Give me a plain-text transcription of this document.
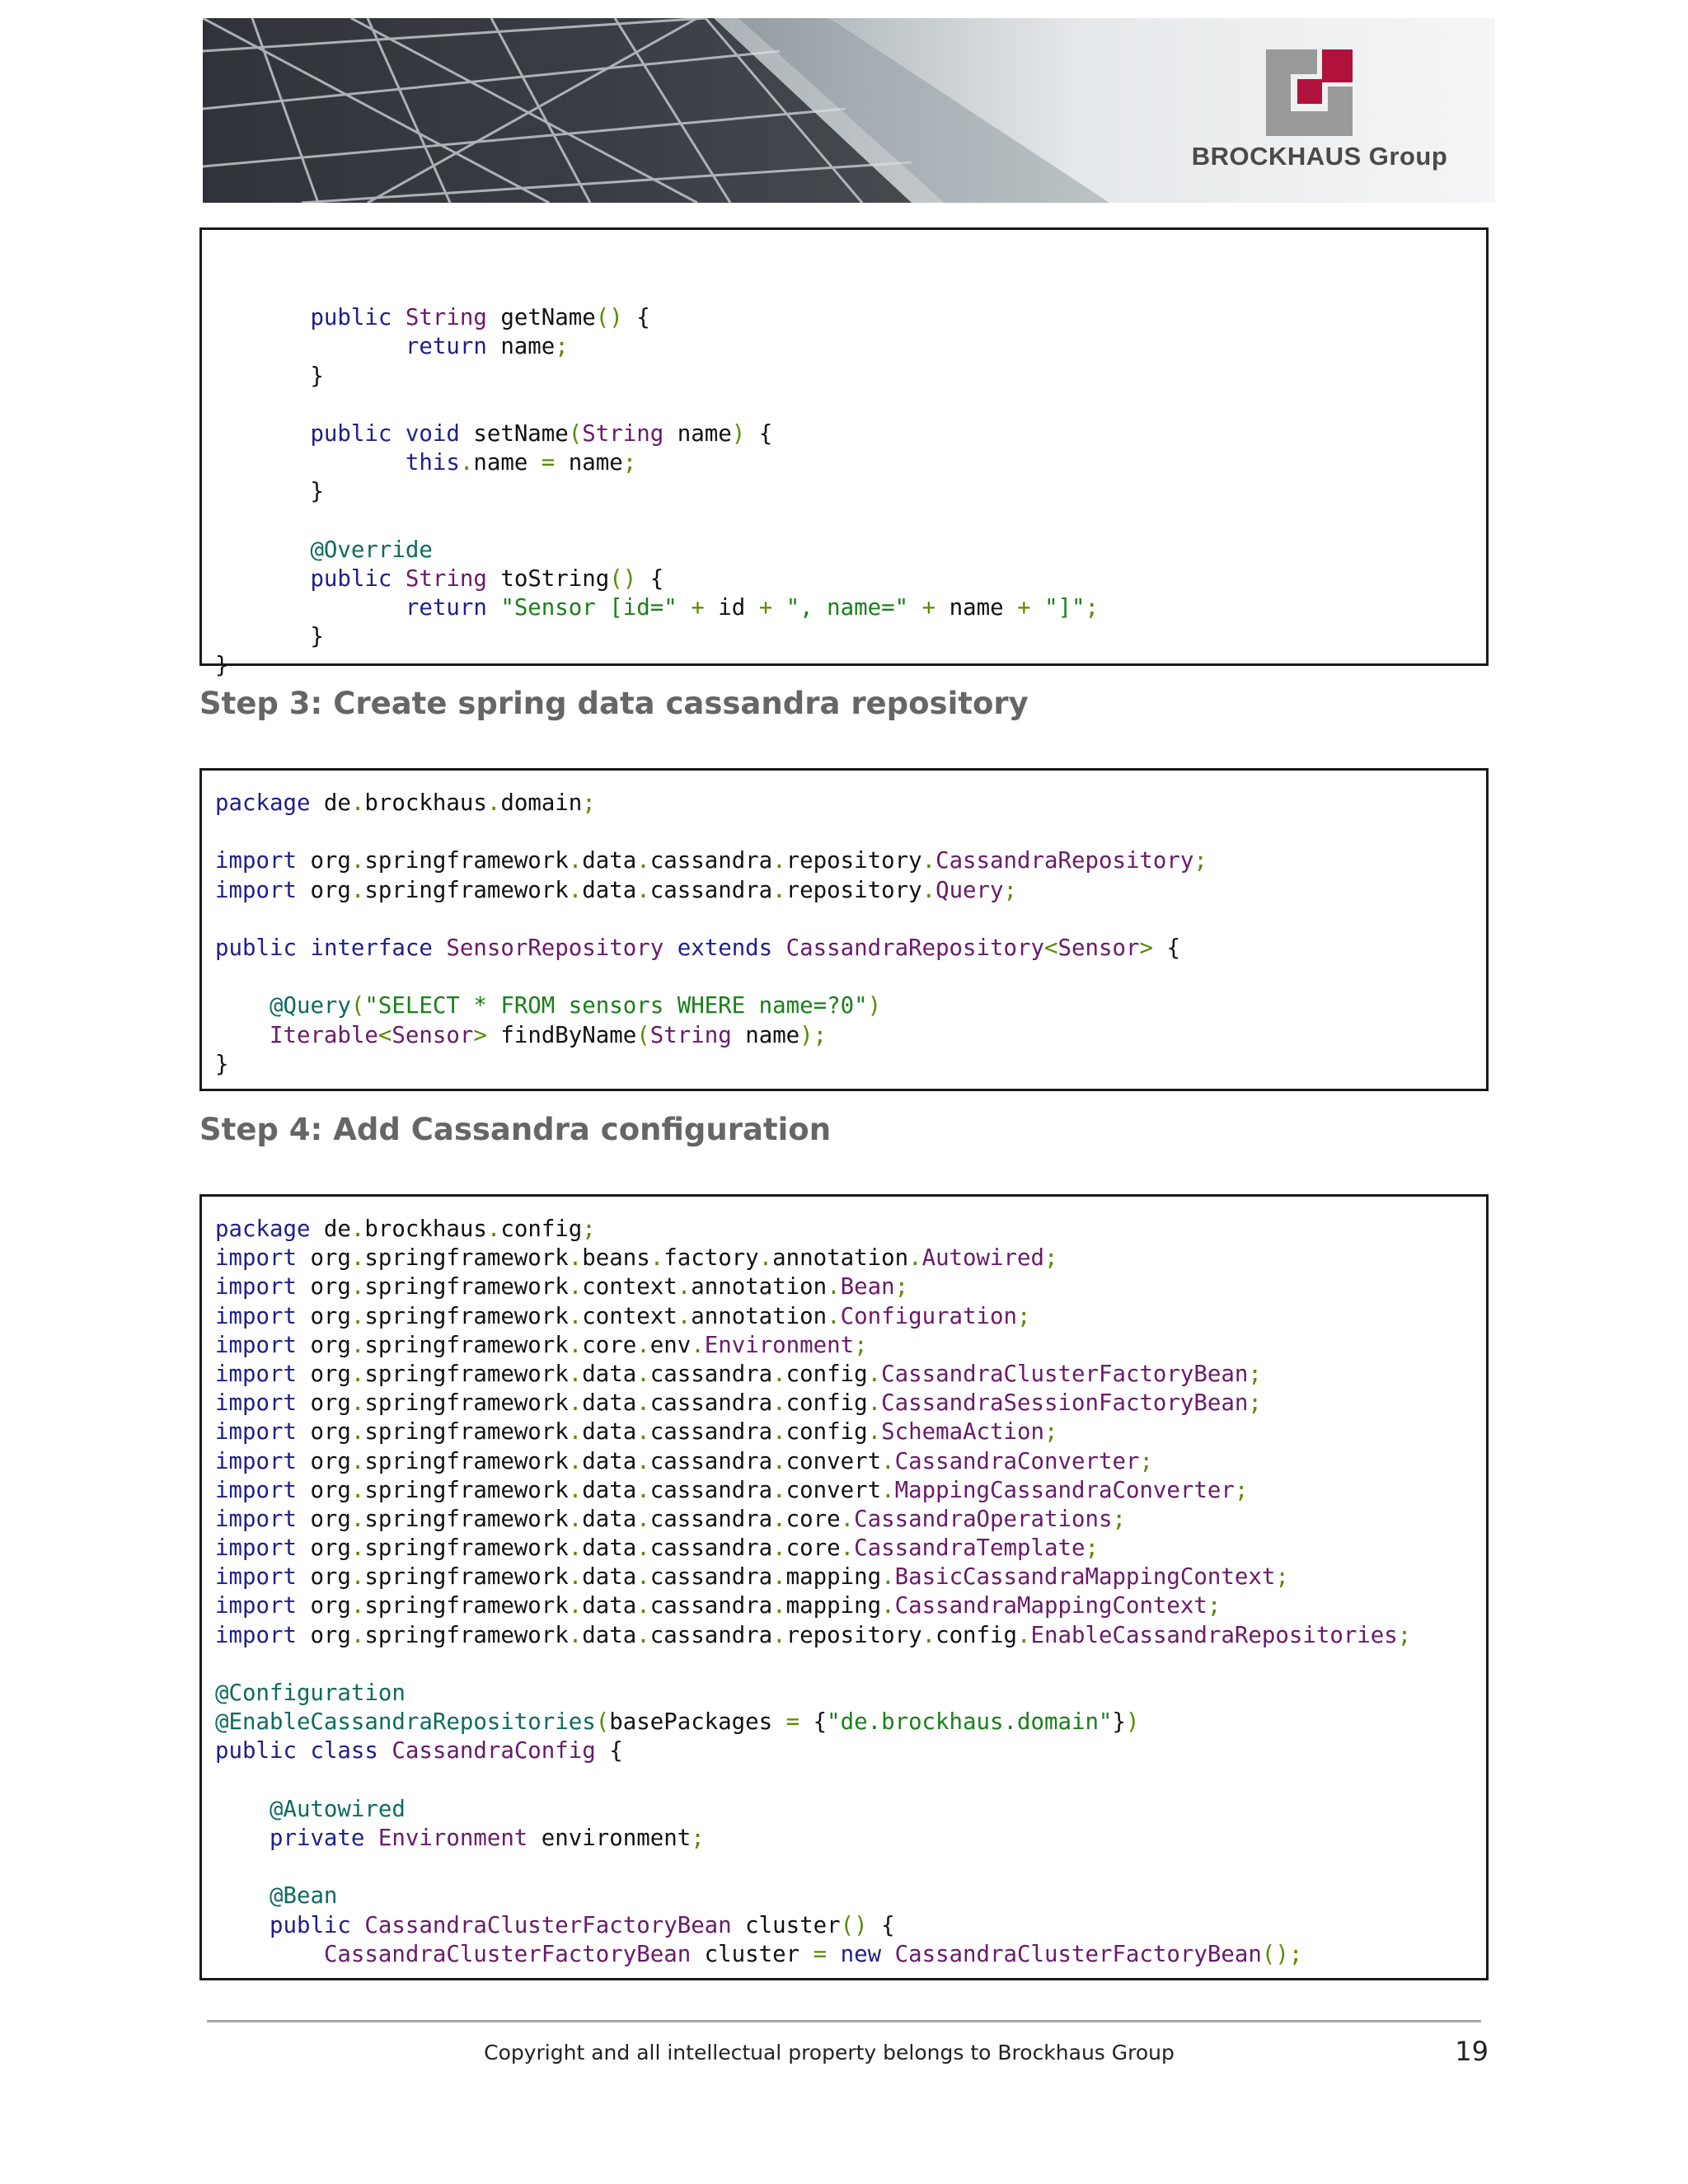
BROCKHAUS Group
public String getName() {
return name;
}
public void setName(String name) {
this.name = name;
}
@Override
public String toString() {
return "Sensor [id=" + id + ", name=" + name + "]";
}
}
Step 3: Create spring data cassandra repository
package de.brockhaus.domain;
import org.springframework.data.cassandra.repository.CassandraRepository;
import org.springframework.data.cassandra.repository.Query;
public interface SensorRepository extends CassandraRepository<Sensor> {
@Query("SELECT * FROM sensors WHERE name=?0")
Iterable<Sensor> findByName(String name);
}
Step 4: Add Cassandra configuration
package de.brockhaus.config;
import org.springframework.beans.factory.annotation.Autowired;
import org.springframework.context.annotation.Bean;
import org.springframework.context.annotation.Configuration;
import org.springframework.core.env.Environment;
import org.springframework.data.cassandra.config.CassandraClusterFactoryBean;
import org.springframework.data.cassandra.config.CassandraSessionFactoryBean;
import org.springframework.data.cassandra.config.SchemaAction;
import org.springframework.data.cassandra.convert.CassandraConverter;
import org.springframework.data.cassandra.convert.MappingCassandraConverter;
import org.springframework.data.cassandra.core.CassandraOperations;
import org.springframework.data.cassandra.core.CassandraTemplate;
import org.springframework.data.cassandra.mapping.BasicCassandraMappingContext;
import org.springframework.data.cassandra.mapping.CassandraMappingContext;
import org.springframework.data.cassandra.repository.config.EnableCassandraRepositories;
@Configuration
@EnableCassandraRepositories(basePackages = {"de.brockhaus.domain"})
public class CassandraConfig {
@Autowired
private Environment environment;
@Bean
public CassandraClusterFactoryBean cluster() {
CassandraClusterFactoryBean cluster = new CassandraClusterFactoryBean();
Copyright and all intellectual property belongs to Brockhaus Group	19
